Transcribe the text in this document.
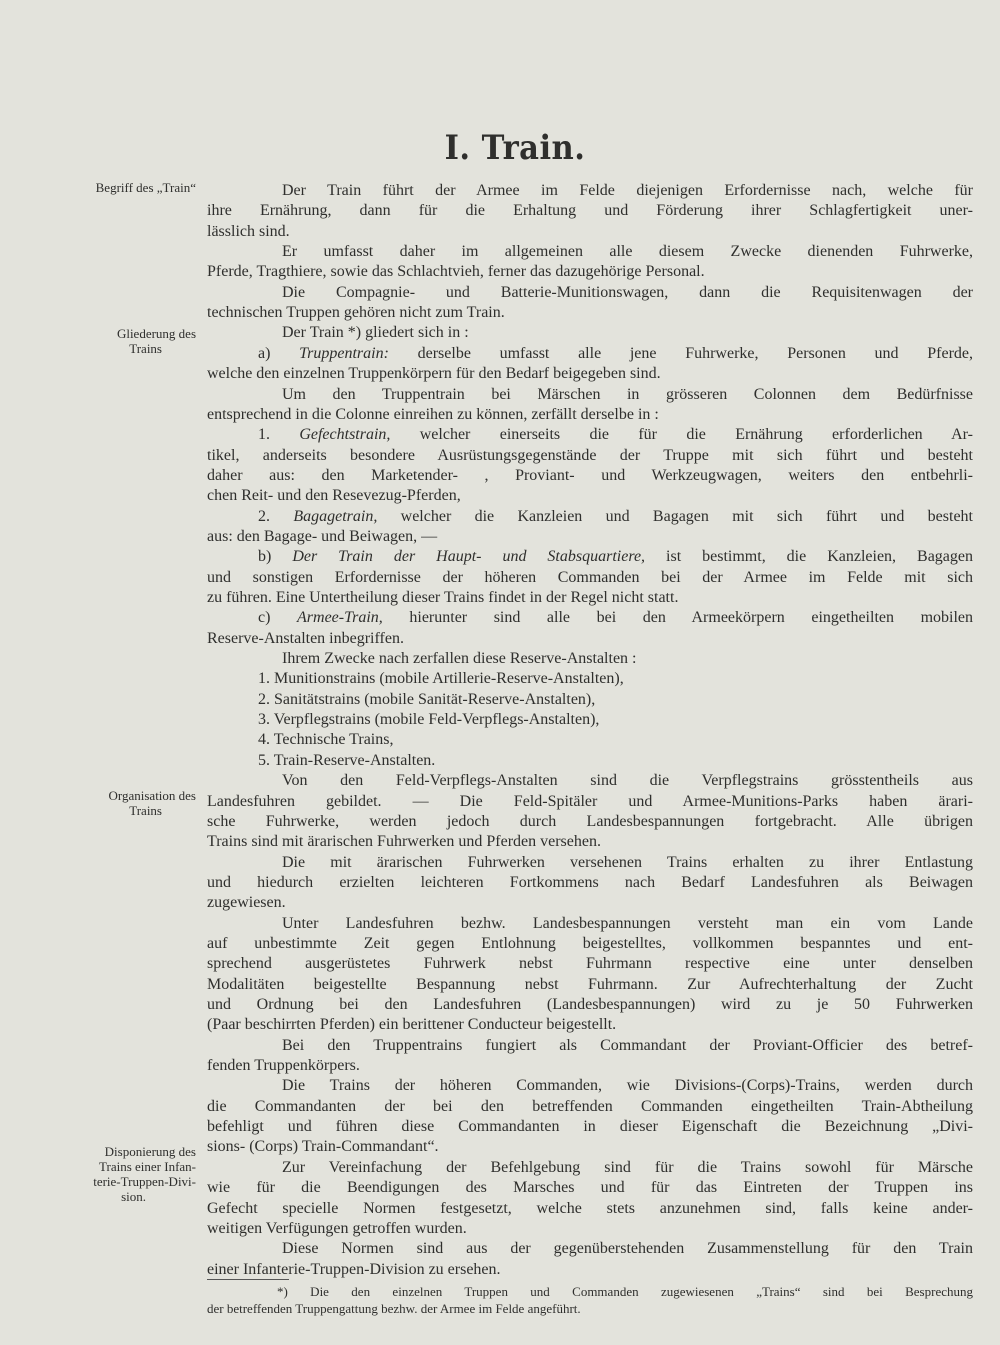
I. Train.
Begriff des „Train“
Gliederung des
Trains
Organisation des
Trains
Disponierung des
Trains einer Infan-
terie-Truppen-Divi-
sion.
Der Train führt der Armee im Felde diejenigen Erfordernisse nach, welche für
ihre Ernährung, dann für die Erhaltung und Förderung ihrer Schlagfertigkeit uner-
lässlich sind.
Er umfasst daher im allgemeinen alle diesem Zwecke dienenden Fuhrwerke,
Pferde, Tragthiere, sowie das Schlachtvieh, ferner das dazugehörige Personal.
Die Compagnie- und Batterie-Munitionswagen, dann die Requisitenwagen der
technischen Truppen gehören nicht zum Train.
Der Train *) gliedert sich in :
a) Truppentrain: derselbe umfasst alle jene Fuhrwerke, Personen und Pferde,
welche den einzelnen Truppenkörpern für den Bedarf beigegeben sind.
Um den Truppentrain bei Märschen in grösseren Colonnen dem Bedürfnisse
entsprechend in die Colonne einreihen zu können, zerfällt derselbe in :
1. Gefechtstrain, welcher einerseits die für die Ernährung erforderlichen Ar-
tikel, anderseits besondere Ausrüstungsgegenstände der Truppe mit sich führt und besteht
daher aus: den Marketender- , Proviant- und Werkzeugwagen, weiters den entbehrli-
chen Reit- und den Resevezug-Pferden,
2. Bagagetrain, welcher die Kanzleien und Bagagen mit sich führt und besteht
aus: den Bagage- und Beiwagen, —
b) Der Train der Haupt- und Stabsquartiere, ist bestimmt, die Kanzleien, Bagagen
und sonstigen Erfordernisse der höheren Commanden bei der Armee im Felde mit sich
zu führen. Eine Untertheilung dieser Trains findet in der Regel nicht statt.
c) Armee-Train, hierunter sind alle bei den Armeekörpern eingetheilten mobilen
Reserve-Anstalten inbegriffen.
Ihrem Zwecke nach zerfallen diese Reserve-Anstalten :
1. Munitionstrains (mobile Artillerie-Reserve-Anstalten),
2. Sanitätstrains (mobile Sanität-Reserve-Anstalten),
3. Verpflegstrains (mobile Feld-Verpflegs-Anstalten),
4. Technische Trains,
5. Train-Reserve-Anstalten.
Von den Feld-Verpflegs-Anstalten sind die Verpflegstrains grösstentheils aus
Landesfuhren gebildet. — Die Feld-Spitäler und Armee-Munitions-Parks haben ärari-
sche Fuhrwerke, werden jedoch durch Landesbespannungen fortgebracht. Alle übrigen
Trains sind mit ärarischen Fuhrwerken und Pferden versehen.
Die mit ärarischen Fuhrwerken versehenen Trains erhalten zu ihrer Entlastung
und hiedurch erzielten leichteren Fortkommens nach Bedarf Landesfuhren als Beiwagen
zugewiesen.
Unter Landesfuhren bezhw. Landesbespannungen versteht man ein vom Lande
auf unbestimmte Zeit gegen Entlohnung beigestelltes, vollkommen bespanntes und ent-
sprechend ausgerüstetes Fuhrwerk nebst Fuhrmann respective eine unter denselben
Modalitäten beigestellte Bespannung nebst Fuhrmann. Zur Aufrechterhaltung der Zucht
und Ordnung bei den Landesfuhren (Landesbespannungen) wird zu je 50 Fuhrwerken
(Paar beschirrten Pferden) ein berittener Conducteur beigestellt.
Bei den Truppentrains fungiert als Commandant der Proviant-Officier des betref-
fenden Truppenkörpers.
Die Trains der höheren Commanden, wie Divisions-(Corps)-Trains, werden durch
die Commandanten der bei den betreffenden Commanden eingetheilten Train-Abtheilung
befehligt und führen diese Commandanten in dieser Eigenschaft die Bezeichnung „Divi-
sions- (Corps) Train-Commandant“.
Zur Vereinfachung der Befehlgebung sind für die Trains sowohl für Märsche
wie für die Beendigungen des Marsches und für das Eintreten der Truppen ins
Gefecht specielle Normen festgesetzt, welche stets anzunehmen sind, falls keine ander-
weitigen Verfügungen getroffen wurden.
Diese Normen sind aus der gegenüberstehenden Zusammenstellung für den Train
einer Infanterie-Truppen-Division zu ersehen.
*) Die den einzelnen Truppen und Commanden zugewiesenen „Trains“ sind bei Besprechung
der betreffenden Truppengattung bezhw. der Armee im Felde angeführt.
